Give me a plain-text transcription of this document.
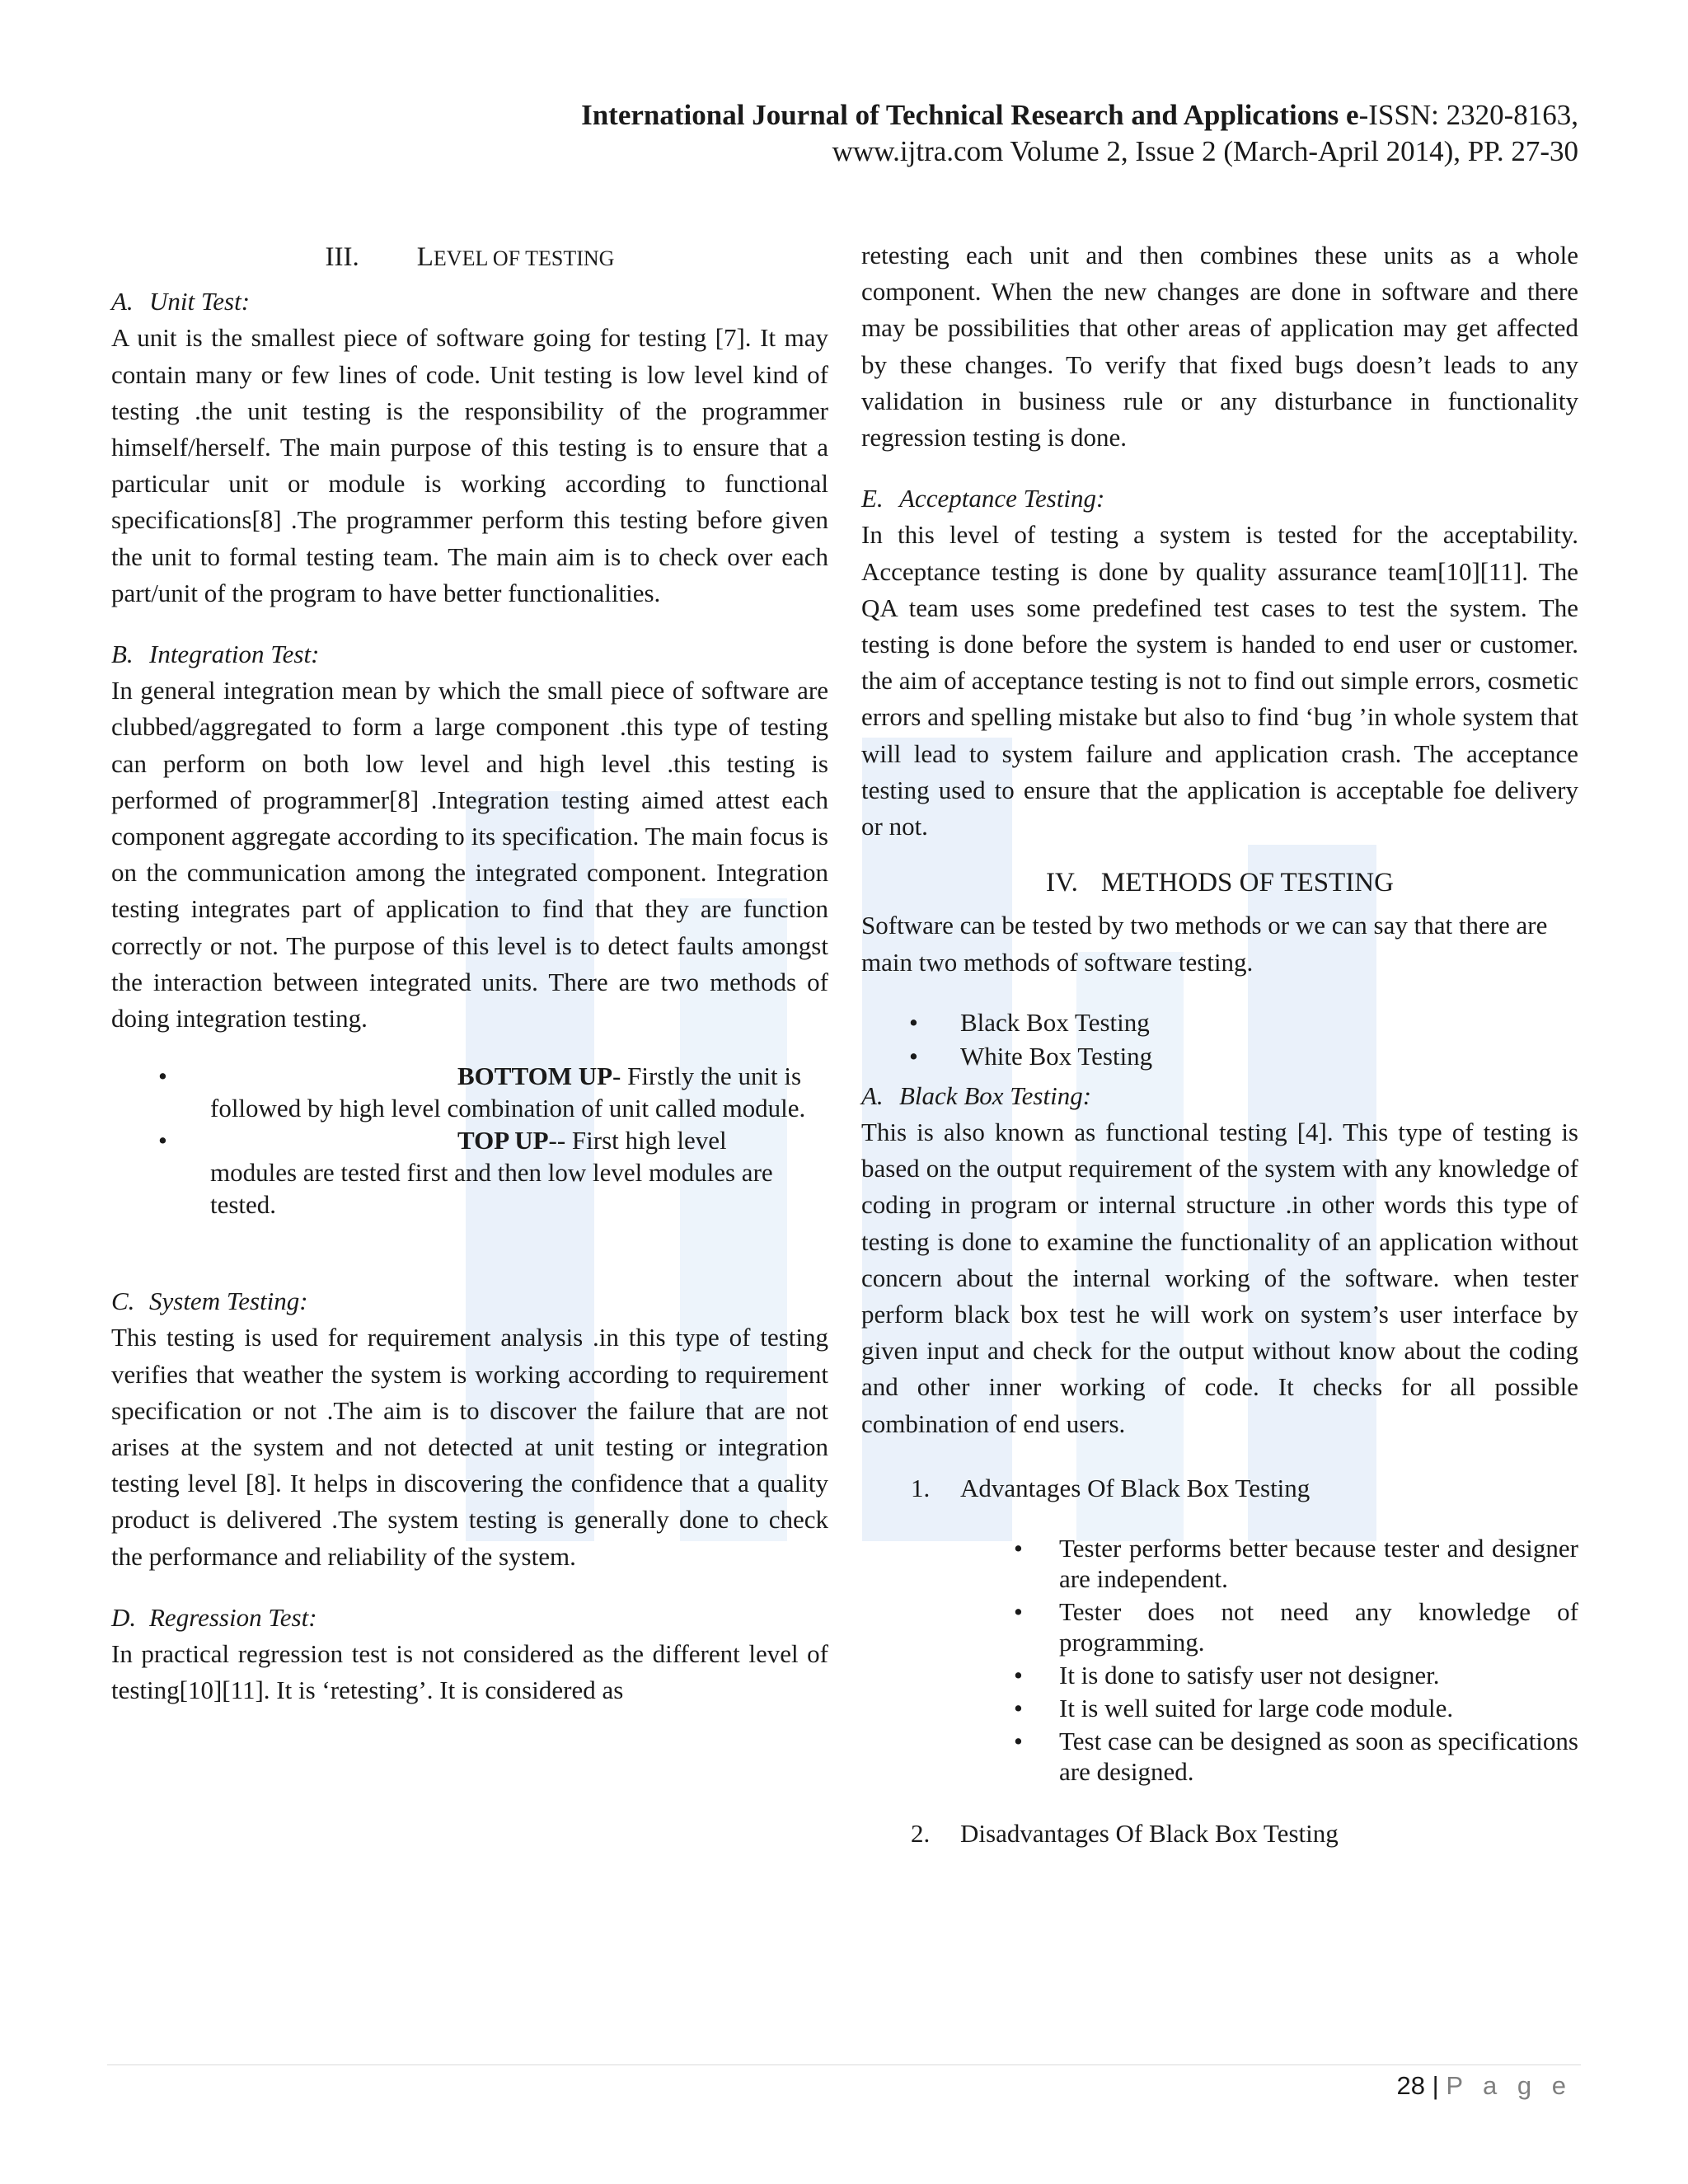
International Journal of Technical Research and Applications e-ISSN: 2320-8163,
www.ijtra.com Volume 2, Issue 2 (March-April 2014), PP. 27-30
III. LEVEL OF TESTING

A. Unit Test:

A unit is the smallest piece of software going for testing [7]. It may contain many or few lines of code. Unit testing is low level kind of testing .the unit testing is the responsibility of the programmer himself/herself. The main purpose of this testing is to ensure that a particular unit or module is working according to functional specifications[8] .The programmer perform this testing before given the unit to formal testing team. The main aim is to check over each part/unit of the program to have better functionalities.

B. Integration Test:

In general integration mean by which the small piece of software are clubbed/aggregated to form a large component .this type of testing can perform on both low level and high level .this testing is performed of programmer[8] .Integration testing aimed attest each component aggregate according to its specification. The main focus is on the communication among the integrated component. Integration testing integrates part of application to find that they are function correctly or not. The purpose of this level is to detect faults amongst the interaction between integrated units. There are two methods of doing integration testing.

•	BOTTOM UP- Firstly the unit is
followed by high level combination of unit called module.
•	TOP UP-- First high level
modules are tested first and then low level modules are tested.

C. System Testing:

This testing is used for requirement analysis .in this type of testing verifies that weather the system is working according to requirement specification or not .The aim is to discover the failure that are not arises at the system and not detected at unit testing or integration testing level [8]. It helps in discovering the confidence that a quality product is delivered .The system testing is generally done to check the performance and reliability of the system.

D. Regression Test:

In practical regression test is not considered as the different level of testing[10][11]. It is ‘retesting’. It is considered as

retesting each unit and then combines these units as a whole component. When the new changes are done in software and there may be possibilities that other areas of application may get affected by these changes. To verify that fixed bugs doesn’t leads to any validation in business rule or any disturbance in functionality regression testing is done.

E. Acceptance Testing:

In this level of testing a system is tested for the acceptability. Acceptance testing is done by quality assurance team[10][11]. The QA team uses some predefined test cases to test the system. The testing is done before the system is handed to end user or customer. the aim of acceptance testing is not to find out simple errors, cosmetic errors and spelling mistake but also to find ‘bug ’in whole system that will lead to system failure and application crash. The acceptance testing used to ensure that the application is acceptable foe delivery or not.

IV. METHODS OF TESTING

Software can be tested by two methods or we can say that there are main two methods of software testing.

• Black Box Testing
• White Box Testing

A. Black Box Testing:

This is also known as functional testing [4]. This type of testing is based on the output requirement of the system with any knowledge of coding in program or internal structure .in other words this type of testing is done to examine the functionality of an application without concern about the internal working of the software. when tester perform black box test he will work on system’s user interface by given input and check for the output without know about the coding and other inner working of code. It checks for all possible combination of end users.

1. Advantages Of Black Box Testing
• Tester performs better because tester and designer are independent.
• Tester does not need any knowledge of programming.
• It is done to satisfy user not designer.
• It is well suited for large code module.
• Test case can be designed as soon as specifications are designed.
2. Disadvantages Of Black Box Testing
28 | P a g e
